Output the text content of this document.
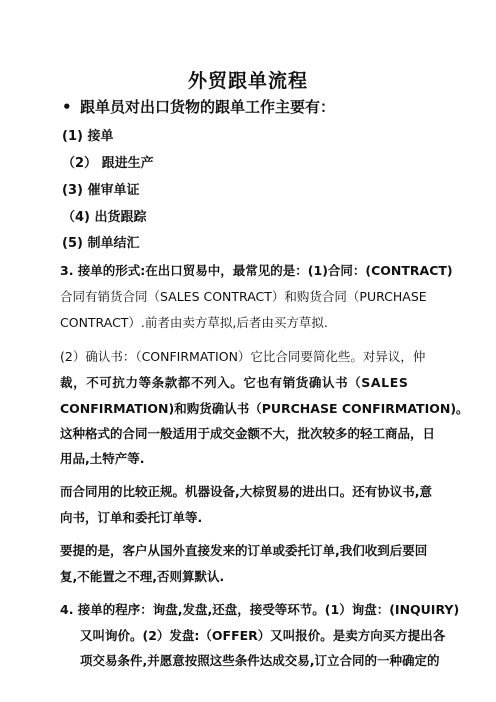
外贸跟单流程
• 跟单员对出口货物的跟单工作主要有：
(1) 接单
（2） 跟进生产
(3) 催审单证
（4) 出货跟踪
(5) 制单结汇
3. 接单的形式:在出口贸易中，最常见的是：(1)合同：(CONTRACT)
合同有销货合同（SALES CONTRACT）和购货合同（PURCHASE
CONTRACT）.前者由卖方草拟,后者由买方草拟.
(2）确认书：（CONFIRMATION）它比合同要简化些。对异议，仲
裁，不可抗力等条款都不列入。它也有销货确认书（SALES
CONFIRMATION)和购货确认书（PURCHASE CONFIRMATION)。
这种格式的合同一般适用于成交金额不大，批次较多的轻工商品，日
用品,土特产等.
而合同用的比较正规。机器设备,大棕贸易的进出口。还有协议书,意
向书，订单和委托订单等.
要提的是，客户从国外直接发来的订单或委托订单,我们收到后要回
复,不能置之不理,否则算默认.
4. 接单的程序：询盘,发盘,还盘，接受等环节。(1）询盘：(INQUIRY)
又叫询价。(2）发盘:（OFFER）又叫报价。是卖方向买方提出各
项交易条件,并愿意按照这些条件达成交易,订立合同的一种确定的
